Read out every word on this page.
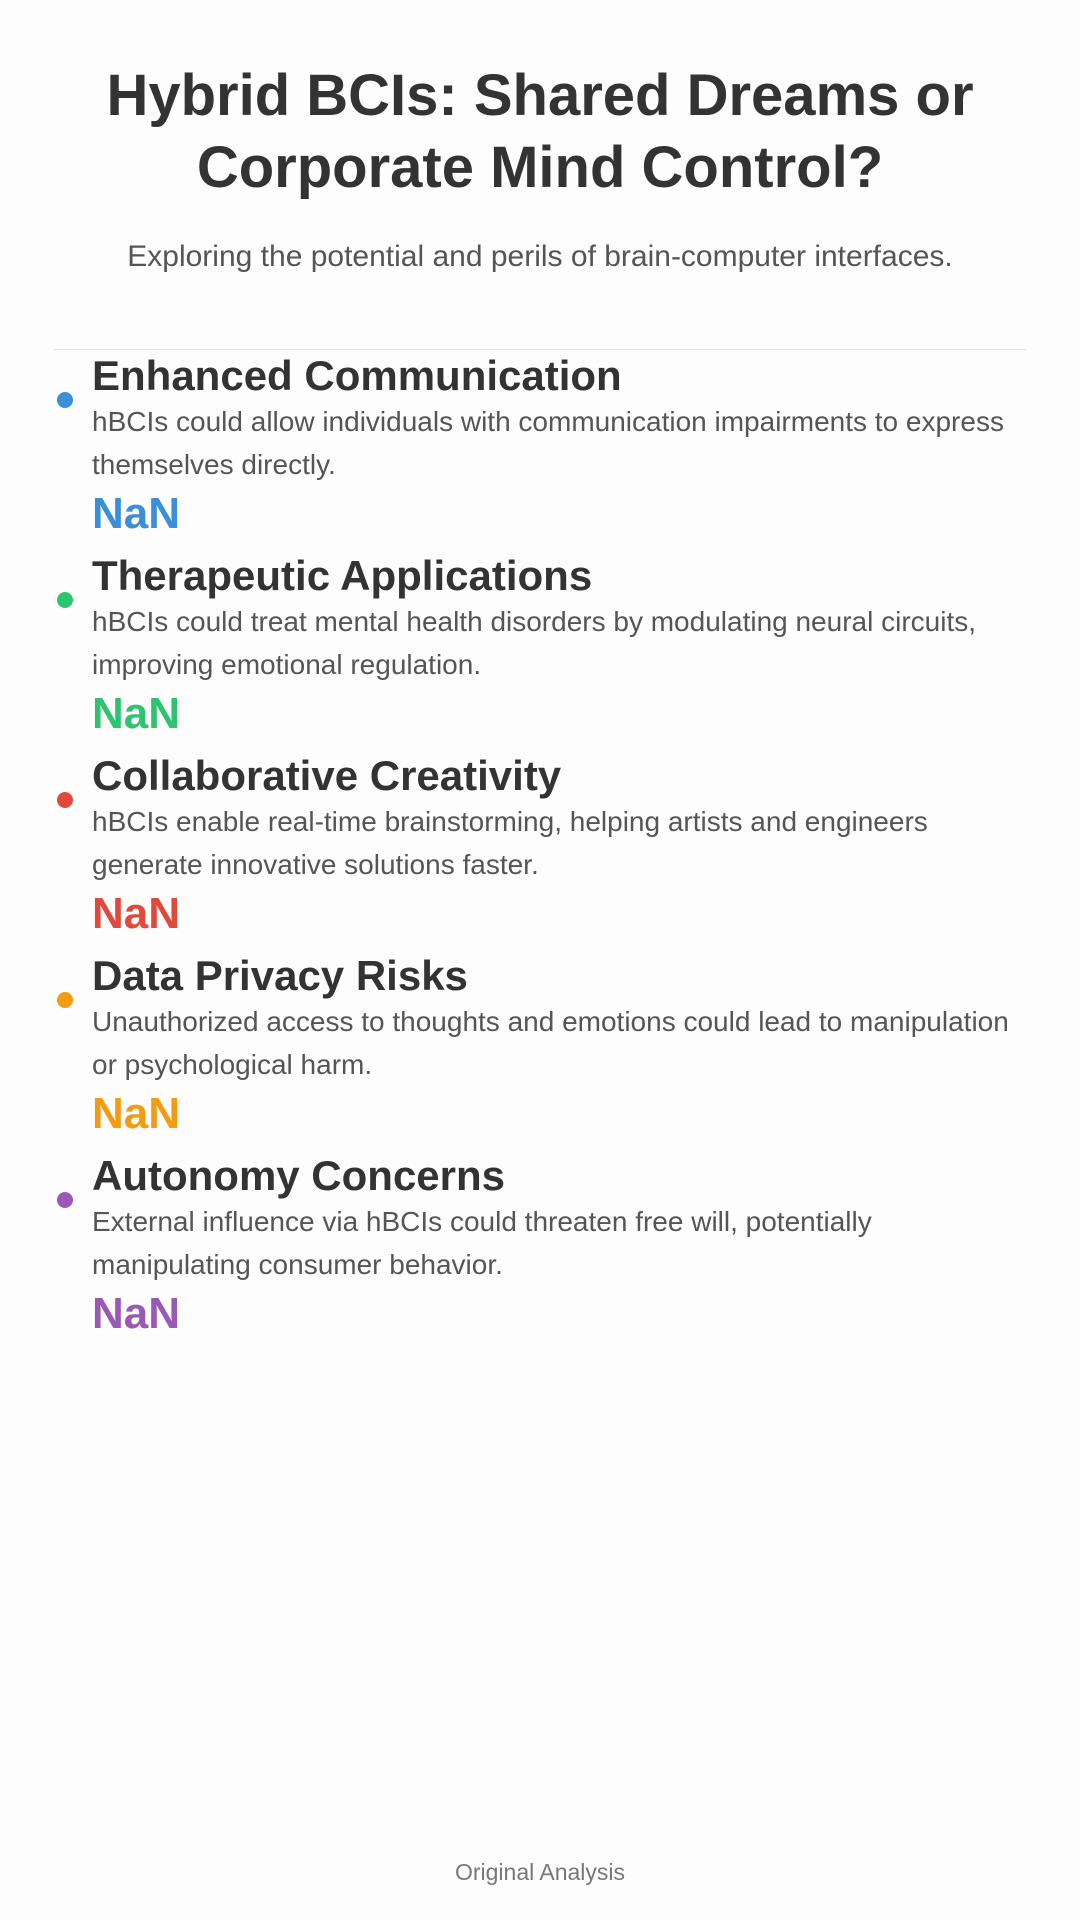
Hybrid BCIs: Shared Dreams or Corporate Mind Control?

Exploring the potential and perils of brain-computer interfaces.

Enhanced Communication

hBCIs could allow individuals with communication impairments to express themselves directly.

NaN
Therapeutic Applications

hBCIs could treat mental health disorders by modulating neural circuits, improving emotional regulation.

NaN
Collaborative Creativity

hBCIs enable real-time brainstorming, helping artists and engineers generate innovative solutions faster.

NaN
Data Privacy Risks

Unauthorized access to thoughts and emotions could lead to manipulation or psychological harm.

NaN
Autonomy Concerns

External influence via hBCIs could threaten free will, potentially manipulating consumer behavior.

NaN
Original Analysis
